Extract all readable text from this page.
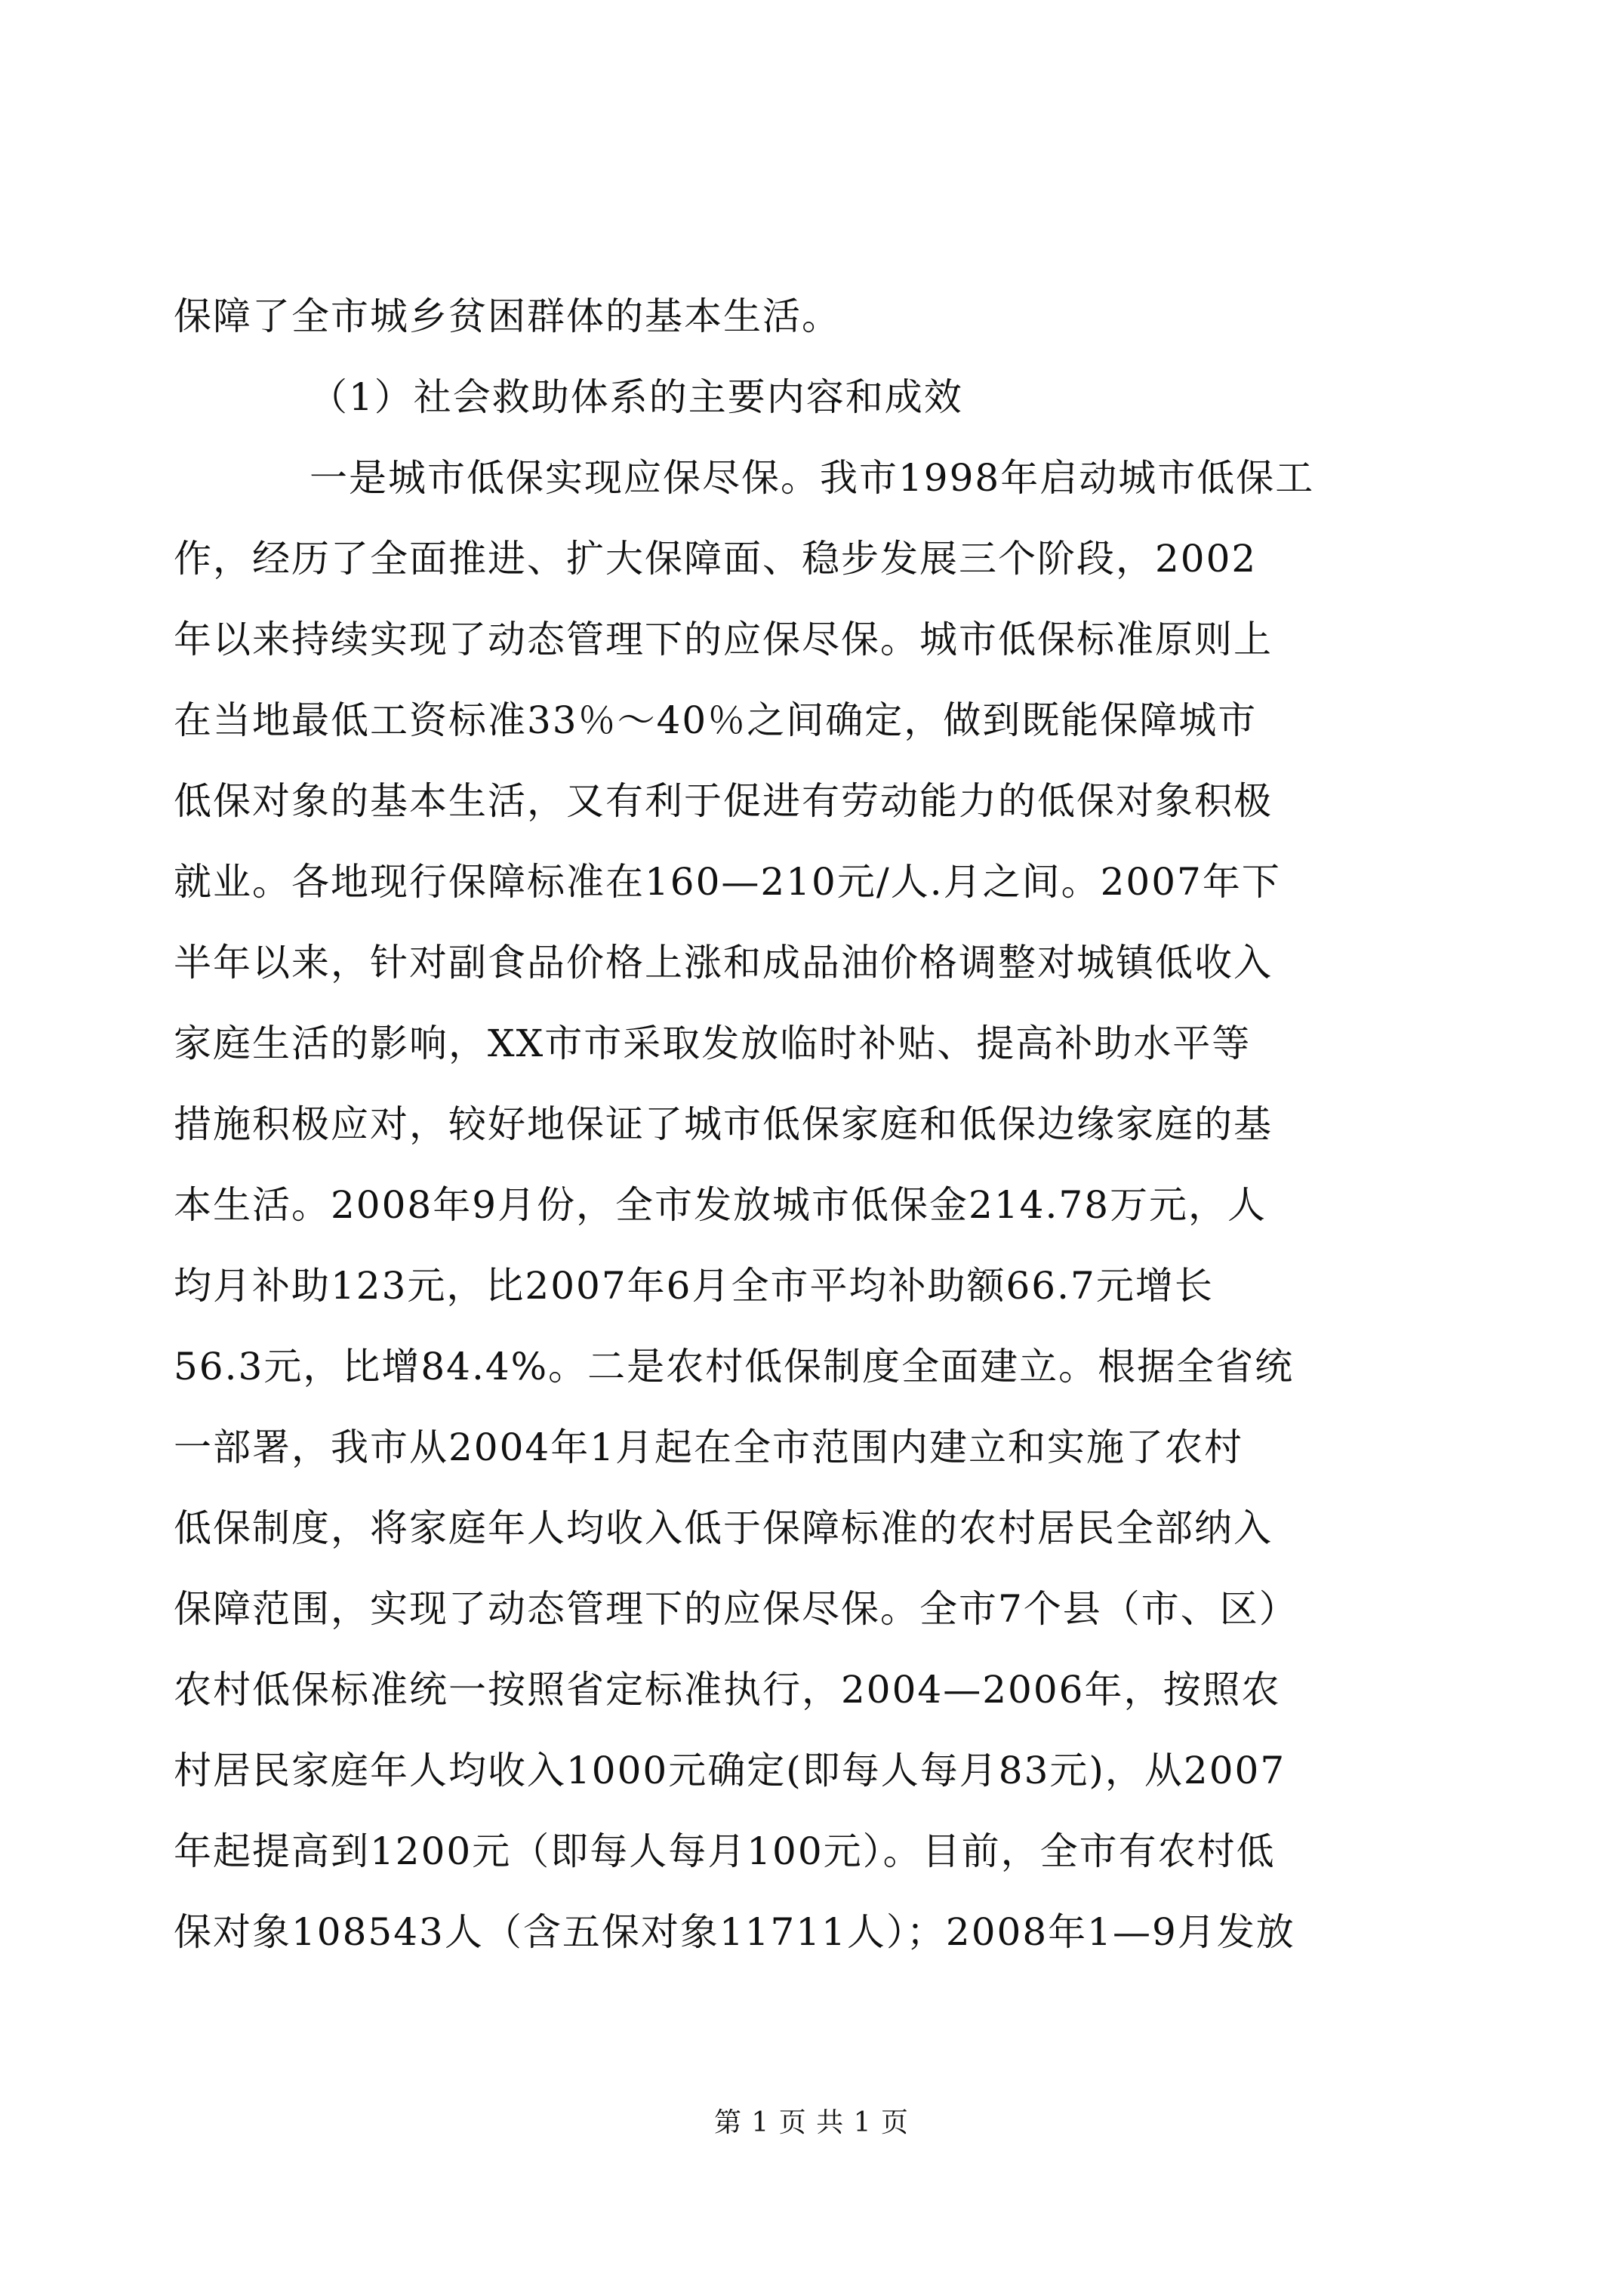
保障了全市城乡贫困群体的基本生活。
（1）社会救助体系的主要内容和成效
一是城市低保实现应保尽保。我市1998年启动城市低保工
作，经历了全面推进、扩大保障面、稳步发展三个阶段，2002
年以来持续实现了动态管理下的应保尽保。城市低保标准原则上
在当地最低工资标准33％～40％之间确定，做到既能保障城市
低保对象的基本生活，又有利于促进有劳动能力的低保对象积极
就业。各地现行保障标准在160—210元/人.月之间。2007年下
半年以来，针对副食品价格上涨和成品油价格调整对城镇低收入
家庭生活的影响，XX市市采取发放临时补贴、提高补助水平等
措施积极应对，较好地保证了城市低保家庭和低保边缘家庭的基
本生活。2008年9月份，全市发放城市低保金214.78万元，人
均月补助123元，比2007年6月全市平均补助额66.7元增长
56.3元，比增84.4%。二是农村低保制度全面建立。根据全省统
一部署，我市从2004年1月起在全市范围内建立和实施了农村
低保制度，将家庭年人均收入低于保障标准的农村居民全部纳入
保障范围，实现了动态管理下的应保尽保。全市7个县（市、区）
农村低保标准统一按照省定标准执行，2004—2006年，按照农
村居民家庭年人均收入1000元确定(即每人每月83元)，从2007
年起提高到1200元（即每人每月100元）。目前，全市有农村低
保对象108543人（含五保对象11711人）；2008年1—9月发放
第 1 页 共 1 页
